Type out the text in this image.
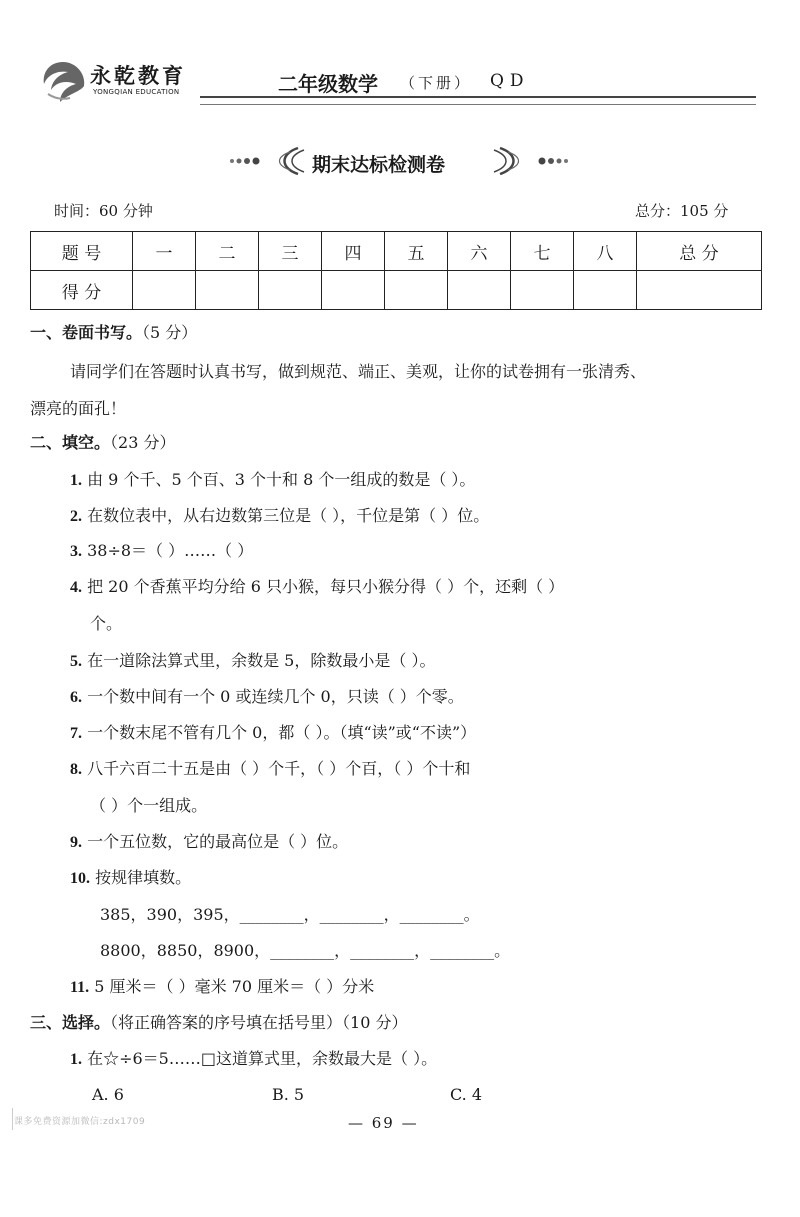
永乾教育
YONGQIAN EDUCATION	二年级数学 （下册） QD
期末达标检测卷
时间：60 分钟	总分：105 分
题 号	一	二	三	四	五	六	七	八	总 分
得 分									
一、卷面书写。（5 分）
请同学们在答题时认真书写，做到规范、端正、美观，让你的试卷拥有一张清秀、
漂亮的面孔！
二、填空。（23 分）
1. 由 9 个千、5 个百、3 个十和 8 个一组成的数是（ ）。
2. 在数位表中，从右边数第三位是（ ），千位是第（ ）位。
3. 38÷8＝（ ）……（ ）
4. 把 20 个香蕉平均分给 6 只小猴，每只小猴分得（ ）个，还剩（ ）
个。
5. 在一道除法算式里，余数是 5，除数最小是（ ）。
6. 一个数中间有一个 0 或连续几个 0，只读（ ）个零。
7. 一个数末尾不管有几个 0，都（ ）。（填“读”或“不读”）
8. 八千六百二十五是由（ ）个千，（ ）个百，（ ）个十和
（ ）个一组成。
9. 一个五位数，它的最高位是（ ）位。
10. 按规律填数。
385，390，395，________，________，________。
8800，8850，8900，________，________，________。
11. 5 厘米＝（ ）毫米 70 厘米＝（ ）分米
三、选择。（将正确答案的序号填在括号里）（10 分）
1. 在☆÷6＝5……□这道算式里，余数最大是（ ）。
A. 6	B. 5	C. 4
课多免费资源加微信:zdx1709	— 69 —
